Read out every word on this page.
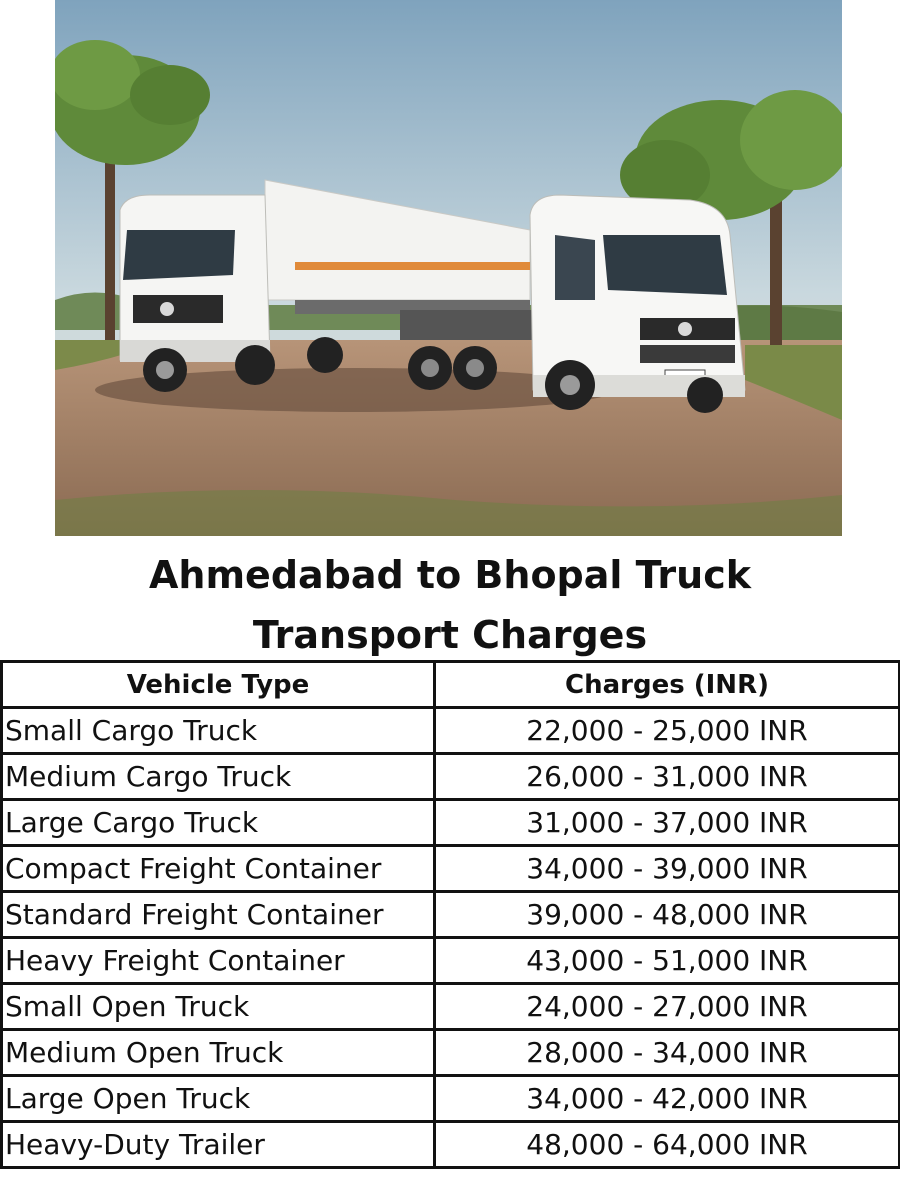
Ahmedabad to Bhopal Truck
Transport Charges
Vehicle Type	Charges (INR)
Small Cargo Truck	22,000 - 25,000 INR
Medium Cargo Truck	26,000 - 31,000 INR
Large Cargo Truck	31,000 - 37,000 INR
Compact Freight Container	34,000 - 39,000 INR
Standard Freight Container	39,000 - 48,000 INR
Heavy Freight Container	43,000 - 51,000 INR
Small Open Truck	24,000 - 27,000 INR
Medium Open Truck	28,000 - 34,000 INR
Large Open Truck	34,000 - 42,000 INR
Heavy-Duty Trailer	48,000 - 64,000 INR
